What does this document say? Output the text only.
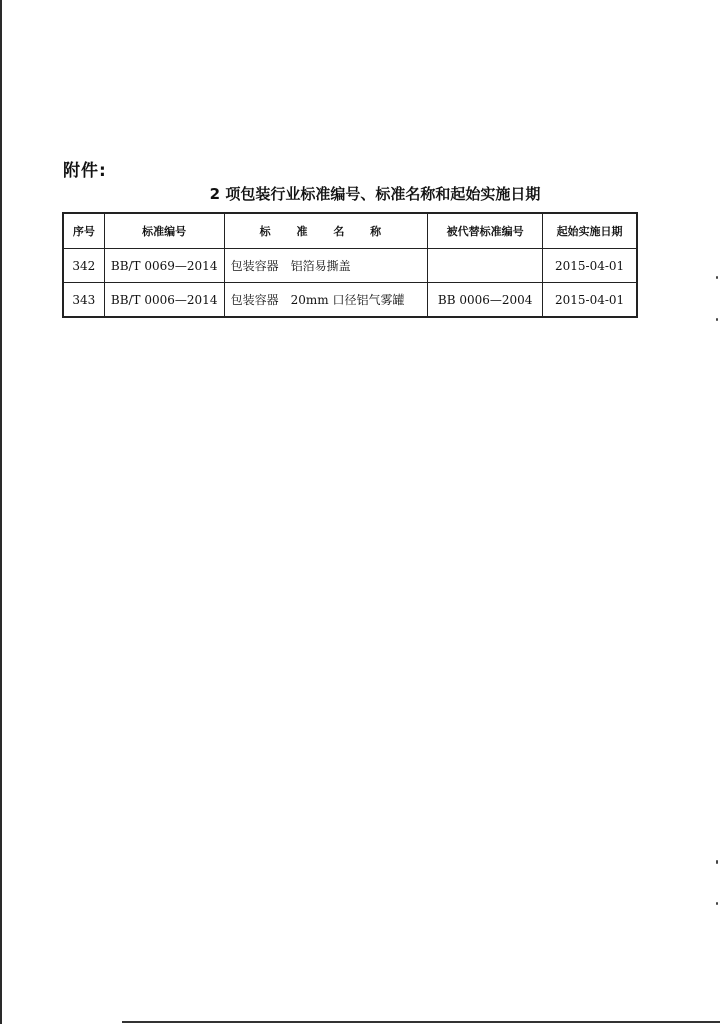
附件:
2 项包装行业标准编号、标准名称和起始实施日期
序号	标准编号	标 准 名 称	被代替标准编号	起始实施日期
342	BB/T 0069—2014	包装容器　铝箔易撕盖		2015-04-01
343	BB/T 0006—2014	包装容器　20mm 口径铝气雾罐	BB 0006—2004	2015-04-01
